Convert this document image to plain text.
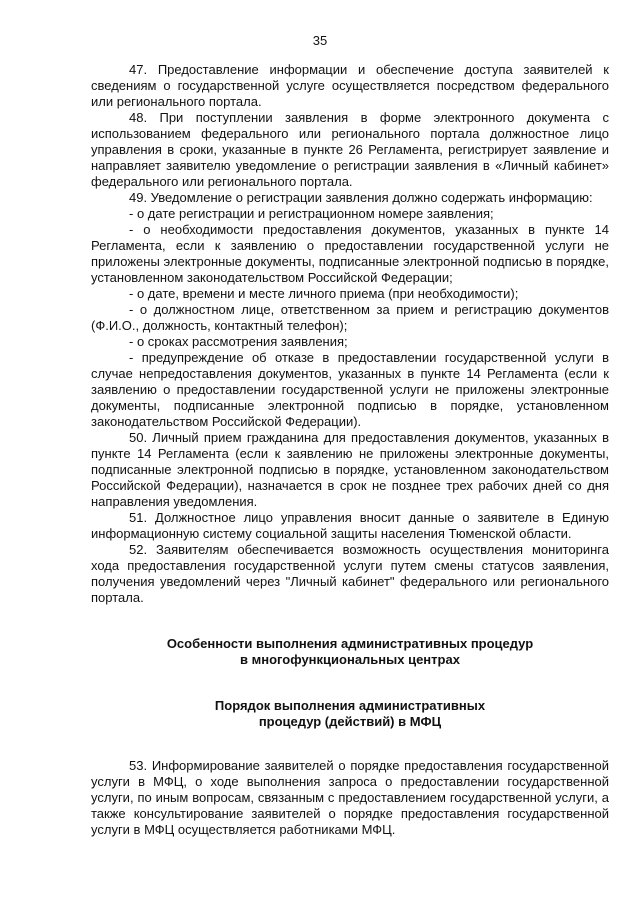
35

47. Предоставление информации и обеспечение доступа заявителей к сведениям о государственной услуге осуществляется посредством федерального или регионального портала.

48. При поступлении заявления в форме электронного документа с использованием федерального или регионального портала должностное лицо управления в сроки, указанные в пункте 26 Регламента, регистрирует заявление и направляет заявителю уведомление о регистрации заявления в «Личный кабинет» федерального или регионального портала.

49. Уведомление о регистрации заявления должно содержать информацию:

- о дате регистрации и регистрационном номере заявления;

- о необходимости предоставления документов, указанных в пункте 14 Регламента, если к заявлению о предоставлении государственной услуги не приложены электронные документы, подписанные электронной подписью в порядке, установленном законодательством Российской Федерации;

- о дате, времени и месте личного приема (при необходимости);

- о должностном лице, ответственном за прием и регистрацию документов (Ф.И.О., должность, контактный телефон);

- о сроках рассмотрения заявления;

- предупреждение об отказе в предоставлении государственной услуги в случае непредоставления документов, указанных в пункте 14 Регламента (если к заявлению о предоставлении государственной услуги не приложены электронные документы, подписанные электронной подписью в порядке, установленном законодательством Российской Федерации).

50. Личный прием гражданина для предоставления документов, указанных в пункте 14 Регламента (если к заявлению не приложены электронные документы, подписанные электронной подписью в порядке, установленном законодательством Российской Федерации), назначается в срок не позднее трех рабочих дней со дня направления уведомления.

51. Должностное лицо управления вносит данные о заявителе в Единую информационную систему социальной защиты населения Тюменской области.

52. Заявителям обеспечивается возможность осуществления мониторинга хода предоставления государственной услуги путем смены статусов заявления, получения уведомлений через "Личный кабинет" федерального или регионального портала.

Особенности выполнения административных процедур

в многофункциональных центрах

Порядок выполнения административных

процедур (действий) в МФЦ

53. Информирование заявителей о порядке предоставления государственной услуги в МФЦ, о ходе выполнения запроса о предоставлении государственной услуги, по иным вопросам, связанным с предоставлением государственной услуги, а также консультирование заявителей о порядке предоставления государственной услуги в МФЦ осуществляется работниками МФЦ.
